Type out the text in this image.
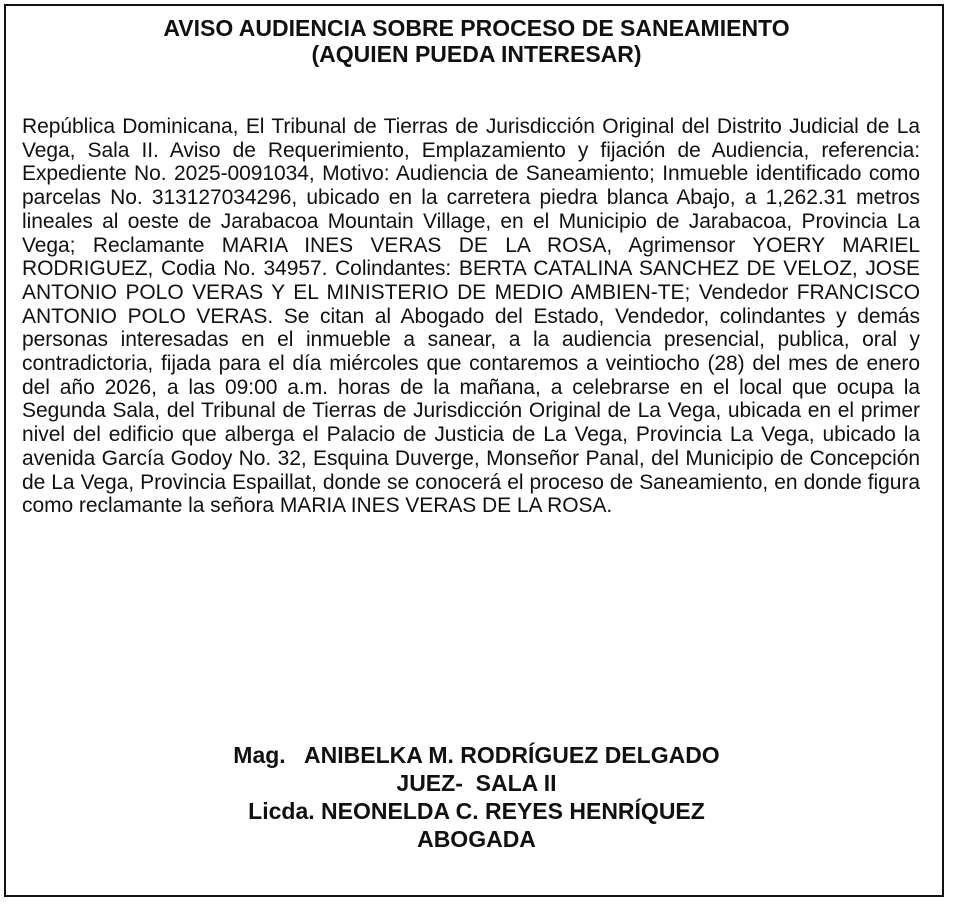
AVISO AUDIENCIA SOBRE PROCESO DE SANEAMIENTO
(AQUIEN PUEDA INTERESAR)

República Dominicana, El Tribunal de Tierras de Jurisdicción Original del Distrito Judicial de La Vega, Sala II. Aviso de Requerimiento, Emplazamiento y fijación de Audiencia, referencia: Expediente No. 2025-0091034, Motivo: Audiencia de Saneamiento; Inmueble identificado como parcelas No. 313127034296, ubicado en la carretera piedra blanca Abajo, a 1,262.31 metros lineales al oeste de Jarabacoa Mountain Village, en el Municipio de Jarabacoa, Provincia La Vega; Reclamante MARIA INES VERAS DE LA ROSA, Agrimensor YOERY MARIEL RODRIGUEZ, Codia No. 34957. Colindantes: BERTA CATALINA SANCHEZ DE VELOZ, JOSE ANTONIO POLO VERAS Y EL MINISTERIO DE MEDIO AMBIEN-TE; Vendedor FRANCISCO ANTONIO POLO VERAS. Se citan al Abogado del Estado, Vendedor, colindantes y demás personas interesadas en el inmueble a sanear, a la audiencia presencial, publica, oral y contradictoria, fijada para el día miércoles que contaremos a veintiocho (28) del mes de enero del año 2026, a las 09:00 a.m. horas de la mañana, a celebrarse en el local que ocupa la Segunda Sala, del Tribunal de Tierras de Jurisdicción Original de La Vega, ubicada en el primer nivel del edificio que alberga el Palacio de Justicia de La Vega, Provincia La Vega, ubicado la avenida García Godoy No. 32, Esquina Duverge, Monseñor Panal, del Municipio de Concepción de La Vega, Provincia Espaillat, donde se conocerá el proceso de Saneamiento, en donde figura como reclamante la señora MARIA INES VERAS DE LA ROSA.

Mag.   ANIBELKA M. RODRÍGUEZ DELGADO
JUEZ-  SALA II
Licda. NEONELDA C. REYES HENRÍQUEZ
ABOGADA
